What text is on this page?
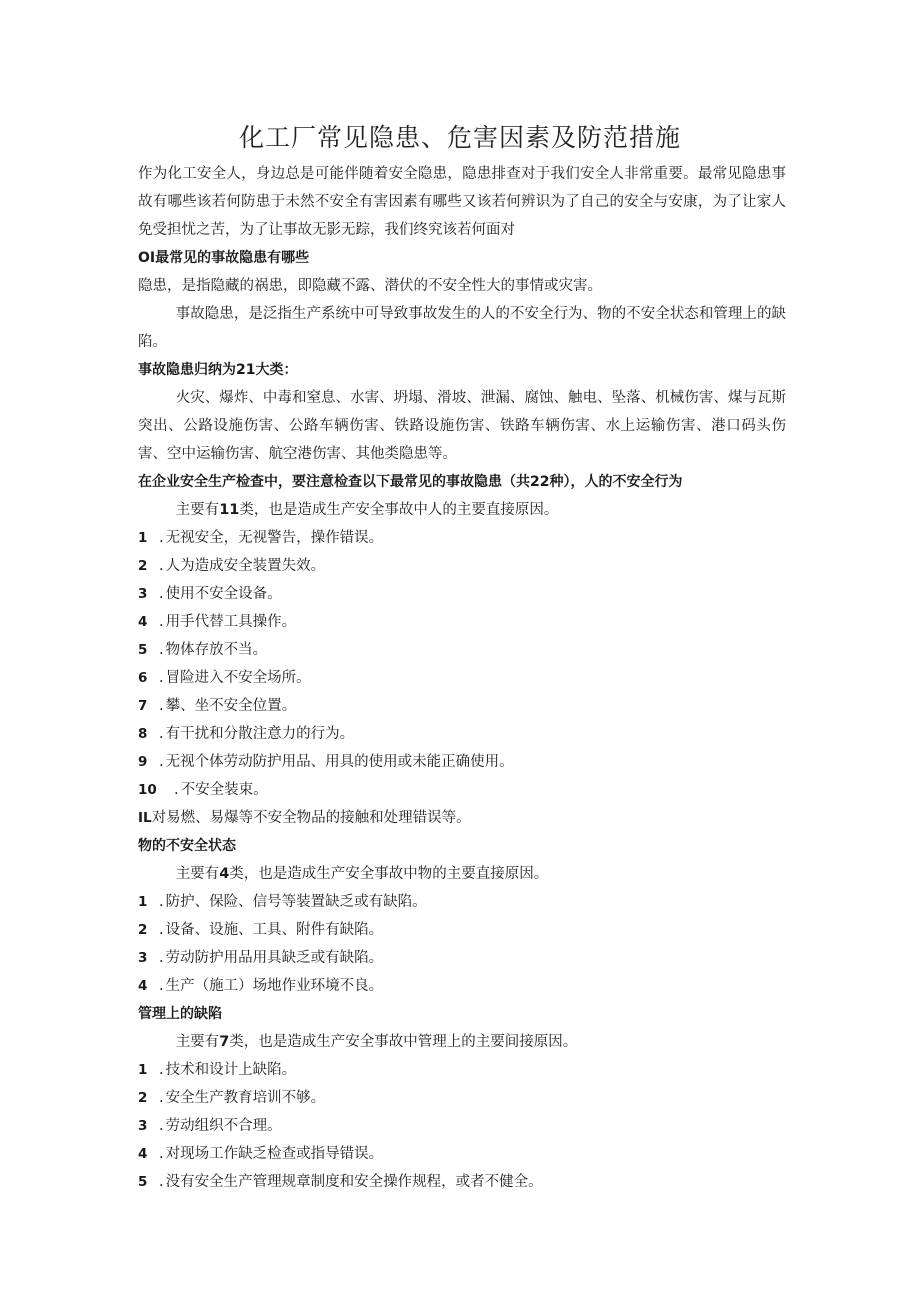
化工厂常见隐患、危害因素及防范措施

作为化工安全人，身边总是可能伴随着安全隐患，隐患排查对于我们安全人非常重要。最常见隐患事故有哪些该若何防患于未然不安全有害因素有哪些又该若何辨识为了自己的安全与安康，为了让家人免受担忧之苦，为了让事故无影无踪，我们终究该若何面对

OI最常见的事故隐患有哪些

隐患，是指隐藏的祸患，即隐藏不露、潜伏的不安全性大的事情或灾害。

事故隐患，是泛指生产系统中可导致事故发生的人的不安全行为、物的不安全状态和管理上的缺陷。

事故隐患归纳为21大类：

火灾、爆炸、中毒和窒息、水害、坍塌、滑坡、泄漏、腐蚀、触电、坠落、机械伤害、煤与瓦斯突出、公路设施伤害、公路车辆伤害、铁路设施伤害、铁路车辆伤害、水上运输伤害、港口码头伤害、空中运输伤害、航空港伤害、其他类隐患等。

在企业安全生产检查中，要注意检查以下最常见的事故隐患（共22种），人的不安全行为

主要有11类，也是造成生产安全事故中人的主要直接原因。

1 . 无视安全，无视警告，操作错误。
2 . 人为造成安全装置失效。
3 . 使用不安全设备。
4 . 用手代替工具操作。
5 . 物体存放不当。
6 . 冒险进入不安全场所。
7 . 攀、坐不安全位置。
8 . 有干扰和分散注意力的行为。
9 . 无视个体劳动防护用品、用具的使用或未能正确使用。
10	. 不安全装束。
IL 对易燃、易爆等不安全物品的接触和处理错误等。

物的不安全状态

主要有4类，也是造成生产安全事故中物的主要直接原因。

1 . 防护、保险、信号等装置缺乏或有缺陷。
2 . 设备、设施、工具、附件有缺陷。
3 . 劳动防护用品用具缺乏或有缺陷。
4 . 生产（施工）场地作业环境不良。

管理上的缺陷

主要有7类，也是造成生产安全事故中管理上的主要间接原因。

1 . 技术和设计上缺陷。
2 . 安全生产教育培训不够。
3 . 劳动组织不合理。
4 . 对现场工作缺乏检查或指导错误。
5 . 没有安全生产管理规章制度和安全操作规程，或者不健全。
